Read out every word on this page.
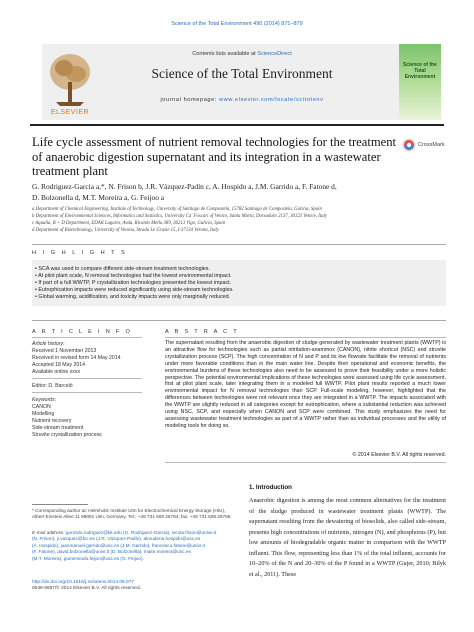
Science of the Total Environment 490 (2014) 871–879
ELSEVIER
Contents lists available at ScienceDirect
Science of the Total Environment
journal homepage: www.elsevier.com/locate/scitotenv
Science of the Total Environment
Life cycle assessment of nutrient removal technologies for the treatment of anaerobic digestion supernatant and its integration in a wastewater treatment plant
CrossMark
G. Rodriguez-Garcia a,*, N. Frison b, J.R. Vázquez-Padín c, A. Hospido a, J.M. Garrido a, F. Fatone d,
D. Bolzonella d, M.T. Moreira a, G. Feijoo a
a Department of Chemical Engineering, Institute of Technology, University of Santiago de Compostela, 15782 Santiago de Compostela, Galicia, Spain
b Department of Environmental Sciences, Informatics and Statistics, University Ca' Foscari of Venice, Santa Marta, Dorsoduro 2137, 30123 Venice, Italy
c Aqualia, R + D Department, EDAR Lagares, Avda. Ricardo Mella 389, 36213 Vigo, Galicia, Spain
d Department of Biotechnology, University of Verona, Strada Le Grazie 15, I-37134 Verona, Italy
H I G H L I G H T S
• SCA was used to compare different side-stream treatment technologies.
• At pilot plant scale, N removal technologies had the lowest environmental impact.
• If part of a full WWTP, P crystallization technologies presented the lowest impact.
• Eutrophication impacts were reduced significantly using side-stream technologies.
• Global warming, acidification, and toxicity impacts were only marginally reduced.
A R T I C L E I N F O
Article history:
Received 1 November 2013
Received in revised form 14 May 2014
Accepted 18 May 2014
Available online xxxx
Editor: D. Barceló
Keywords:
CANON
Modelling
Nutrient recovery
Side-stream treatment
Struvite crystallization process
A B S T R A C T
The supernatant resulting from the anaerobic digestion of sludge generated by wastewater treatment plants (WWTP) is an attractive flow for technologies such as partial nitritation-anammox (CANON), nitrite shortcut (NSC) and struvite crystallization process (SCP). The high concentration of N and P and its low flowrate facilitate the removal of nutrients under more favorable conditions than in the main water line. Despite their operational and economic benefits, the environmental burdens of these technologies also need to be assessed to prove their feasibility under a more holistic perspective. The potential environmental implications of these technologies were assessed using life cycle assessment, first at pilot plant scale, later integrating them in a modeled full WWTP. Pilot plant results reported a much lower environmental impact for N removal technologies than SCP. Full-scale modeling, however, highlighted that the differences between technologies were not relevant once they are integrated in a WWTP. The impacts associated with the WWTP are slightly reduced in all categories except for eutrophication, where a substantial reduction was achieved using NSC, SCP, and especially when CANON and SCP were combined. This study emphasizes the need for assessing wastewater treatment technologies as part of a WWTP rather than as individual processes and the utility of modeling tools for doing so.
© 2014 Elsevier B.V. All rights reserved.
1. Introduction
Anaerobic digestion is among the most common alternatives for the treatment of the sludge produced in wastewater treatment plants (WWTP). The supernatant resulting from the dewatering of biosolids, also called side-stream, presents high concentrations of nutrients, nitrogen (N), and phosphorus (P), but low amounts of biodegradable organic matter in comparison with the WWTP influent. This flow, representing less than 1% of the total influent, accounts for 10–20% of the N and 20–30% of the P found in a WWTP (Gujer, 2010; Bilyk et al., 2011). These
* Corresponding author at: Helmholtz Institute Ulm for Electrochemical Energy Storage (HIU), Albert Einstein Allee 11 89081 Ulm, Germany. Tel.: +49 731 608 26794; fax: +49 731 608 26795.
E-mail address: gonzalo.rodriguez@kit.edu (G. Rodriguez-Garcia), nicola.frison@unive.it
(N. Frison), jr.vazquez@fcc.es (J.R. Vázquez-Padín), almudena.hospido@usc.es
(A. Hospido), juanmanuel.garrido@usc.es (J.M. Garrido), francesco.fatone@univr.it
(F. Fatone), david.bolzonella@univr.it (D. Bolzonella), maite.moreira@usc.es
(M.T. Moreira), gumersindo.feijoo@usc.es (G. Feijoo).
http://dx.doi.org/10.1016/j.scitotenv.2014.05.077
0048-9697/© 2014 Elsevier B.V. All rights reserved.
